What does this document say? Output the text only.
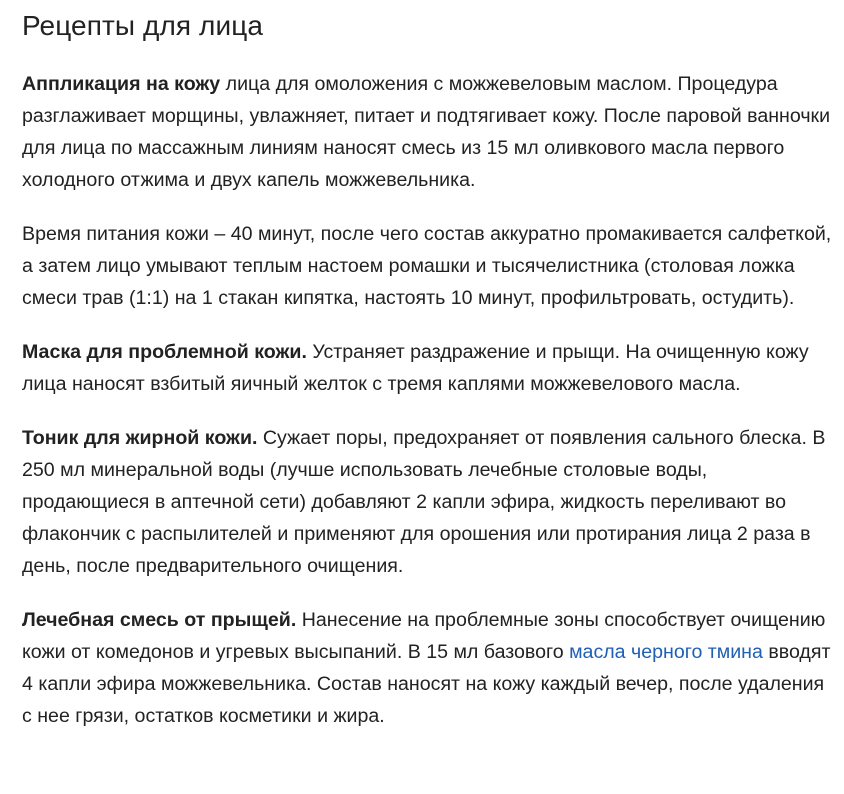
Рецепты для лица

Аппликация на кожу лица для омоложения с можжевеловым маслом. Процедура разглаживает морщины, увлажняет, питает и подтягивает кожу. После паровой ванночки для лица по массажным линиям наносят смесь из 15 мл оливкового масла первого холодного отжима и двух капель можжевельника.

Время питания кожи – 40 минут, после чего состав аккуратно промакивается салфеткой, а затем лицо умывают теплым настоем ромашки и тысячелистника (столовая ложка смеси трав (1:1) на 1 стакан кипятка, настоять 10 минут, профильтровать, остудить).

Маска для проблемной кожи. Устраняет раздражение и прыщи. На очищенную кожу лица наносят взбитый яичный желток с тремя каплями можжевелового масла.

Тоник для жирной кожи. Сужает поры, предохраняет от появления сального блеска. В 250 мл минеральной воды (лучше использовать лечебные столовые воды, продающиеся в аптечной сети) добавляют 2 капли эфира, жидкость переливают во флакончик с распылителей и применяют для орошения или протирания лица 2 раза в день, после предварительного очищения.

Лечебная смесь от прыщей. Нанесение на проблемные зоны способствует очищению кожи от комедонов и угревых высыпаний. В 15 мл базового масла черного тмина вводят 4 капли эфира можжевельника. Состав наносят на кожу каждый вечер, после удаления с нее грязи, остатков косметики и жира.
